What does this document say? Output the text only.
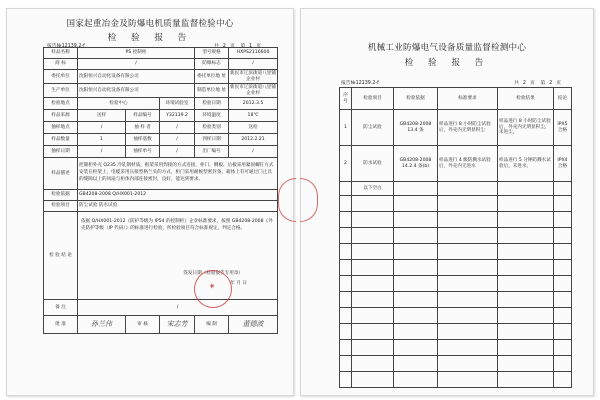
国家起重冶金及防爆电机质量监督检验中心
检 验 报 告
报告№12139.2-f	共 2 页 第 1 页
样品名称	PS 控制柜			型号规格	HXPS2116600
商 标	/			防爆标志	/
委托单位	沈阳恒兴自动化设备有限公司			委托单位地 址	新民市辽滨街道八里铺企业村
生产单位	沈阳恒兴自动化设备有限公司			制造单位地 址	新民市辽滨街道八里铺企业村
检验地点	检验中心		环境试验室	检验日期	2012.3.5
样品来源	送样	样品编号	Y32139.2	环境温度	18℃
抽样地点	/	抽 样 者	/	检验类别	送检
样品数量	1	抽样基数	/	到样日期	2012.2.21
抽样日期	/	抽样单号	/	出厂编号	/
样品描述	控制柜外壳 Q235 冷轧钢材质，框架采用焊接的方式连接，柜门、侧板、后板采用紧固螺钉方式安装在柜架上，电缆采用压接型格兰头的方式，柜门采用耐候型密封条，箱体上有可通过门止具的缝隙以上的风扇与柜体内部连接密封，良好，能达到要求。				
检验依据	GB4208-2008 Q/HX001-2012				
检验项目	防尘试验 防水试验				
检 验 结 论	依据 Q/HX001-2012《防护等级为 IP54 的控制柜》企业标准要求，按照 GB4208-2008《外壳防护等级（IP 代码）》的标准进行检验，所检验项目符合标准规定，判定合格。
签发日期（检验报告专用章）
年 月 日				

备 注	/				
批 准	孙兰伟	审 核	宋志芳	编 制	董德波
机械工业防爆电气设备质量监督检测中心
检 验 报 告
报告№12139.2-f	共 2 页 第 2 页
序号	检验项目	检验依据	标准要求	检验结果	结论
1	防尘试验	GB4208-2008 13.4 条	样品进行 8 小时防尘试验后，外壳内无明显积尘	样品进行 8 小时防尘试验后，外壳内无明显积尘，未进尘。	IPX5 合格
2	防水试验	GB4208-2008 14.2.4 条(b)	样品进行 4 级防溅水试验后，外壳内无进水	样品进行 5 分钟防溅水试验后，未进水。	IPX4 合格
	以下空白				

★
